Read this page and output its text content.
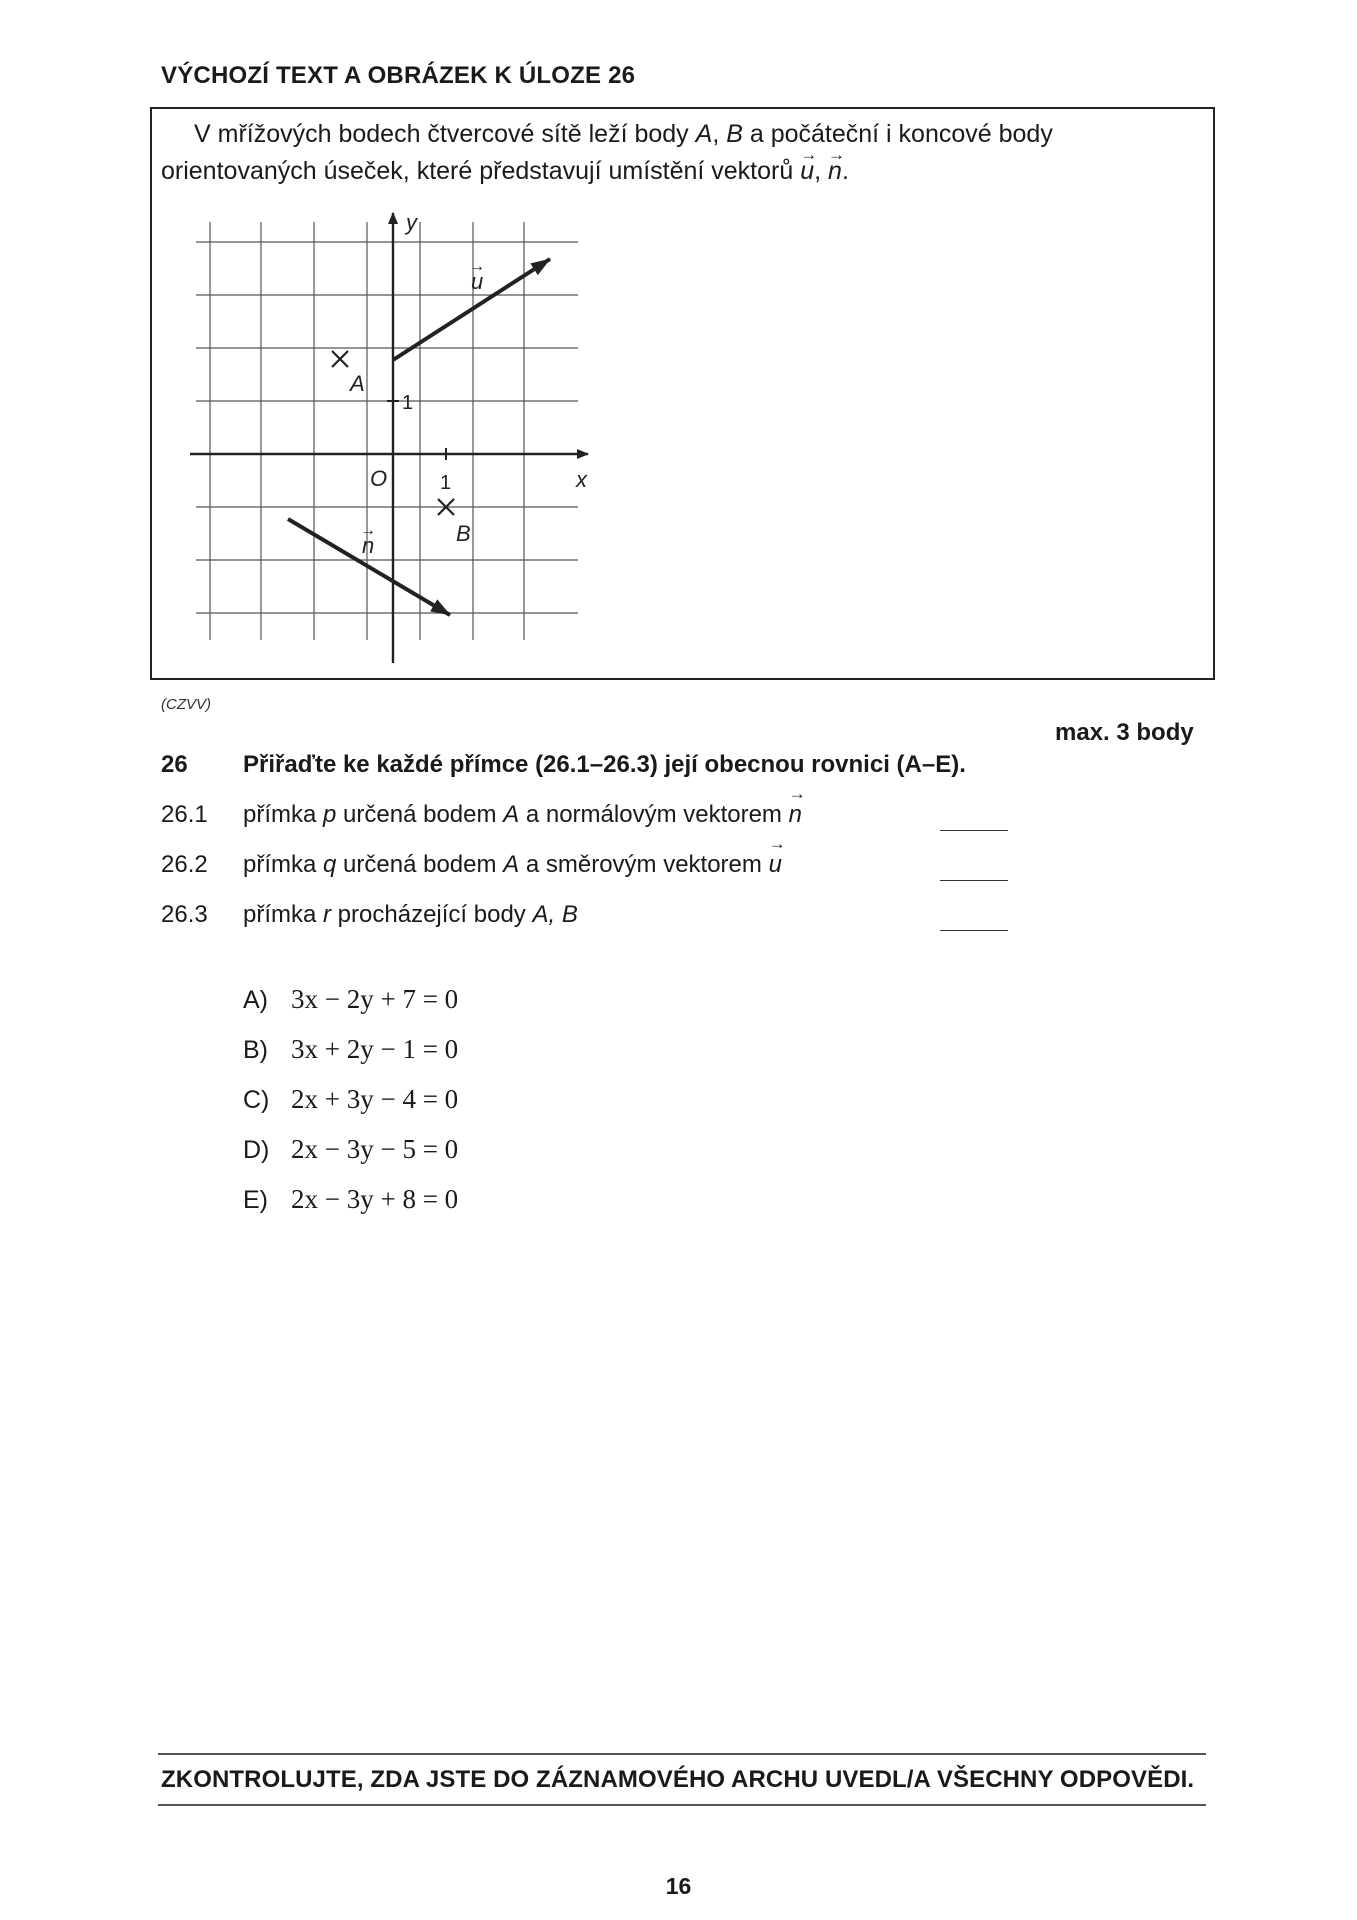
VÝCHOZÍ TEXT A OBRÁZEK K ÚLOZE 26
V mřížových bodech čtvercové sítě leží body A, B a počáteční i koncové body
orientovaných úseček, které představují umístění vektorů → u, → n.
y
x
O	1
1
A
B
u
→
n
→
(CZVV)
max. 3 body
26 Přiřaďte ke každé přímce (26.1–26.3) její obecnou rovnici (A–E).
26.1 přímka p určená bodem A a normálovým vektorem → n
26.2 přímka q určená bodem A a směrovým vektorem → u
26.3 přímka r procházející body A, B
A) 3x − 2y + 7 = 0
B) 3x + 2y − 1 = 0
C) 2x + 3y − 4 = 0
D) 2x − 3y − 5 = 0
E) 2x − 3y + 8 = 0
ZKONTROLUJTE, ZDA JSTE DO ZÁZNAMOVÉHO ARCHU UVEDL/A VŠECHNY ODPOVĚDI.
16
